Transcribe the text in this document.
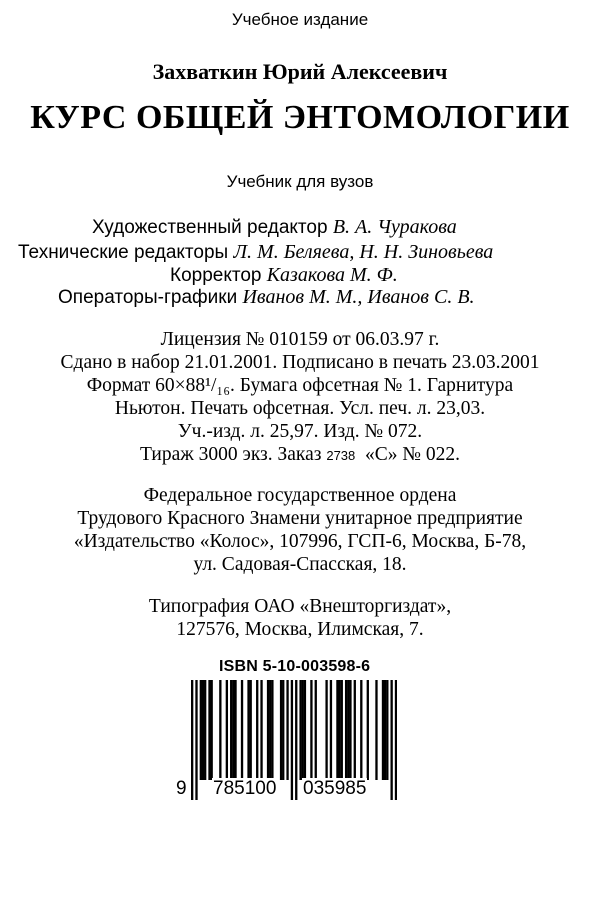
Учебное издание
Захваткин Юрий Алексеевич
КУРС ОБЩЕЙ ЭНТОМОЛОГИИ
Учебник для вузов
Художественный редактор В. А. Чуракова
Технические редакторы Л. М. Беляева, Н. Н. Зиновьева
Корректор Казакова М. Ф.
Операторы-графики Иванов М. М., Иванов С. В.
Лицензия № 010159 от 06.03.97 г.
Сдано в набор 21.01.2001. Подписано в печать 23.03.2001
Формат 60×88¹/₁₆. Бумага офсетная № 1. Гарнитура
Ньютон. Печать офсетная. Усл. печ. л. 23,03.
Уч.-изд. л. 25,97. Изд. № 072.
Тираж 3000 экз. Заказ 2738 «С» № 022.
Федеральное государственное ордена
Трудового Красного Знамени унитарное предприятие
«Издательство «Колос», 107996, ГСП-6, Москва, Б-78,
ул. Садовая-Спасская, 18.
Типография ОАО «Внешторгиздат»,
127576, Москва, Илимская, 7.
ISBN 5-10-003598-6
9 785100 035985
